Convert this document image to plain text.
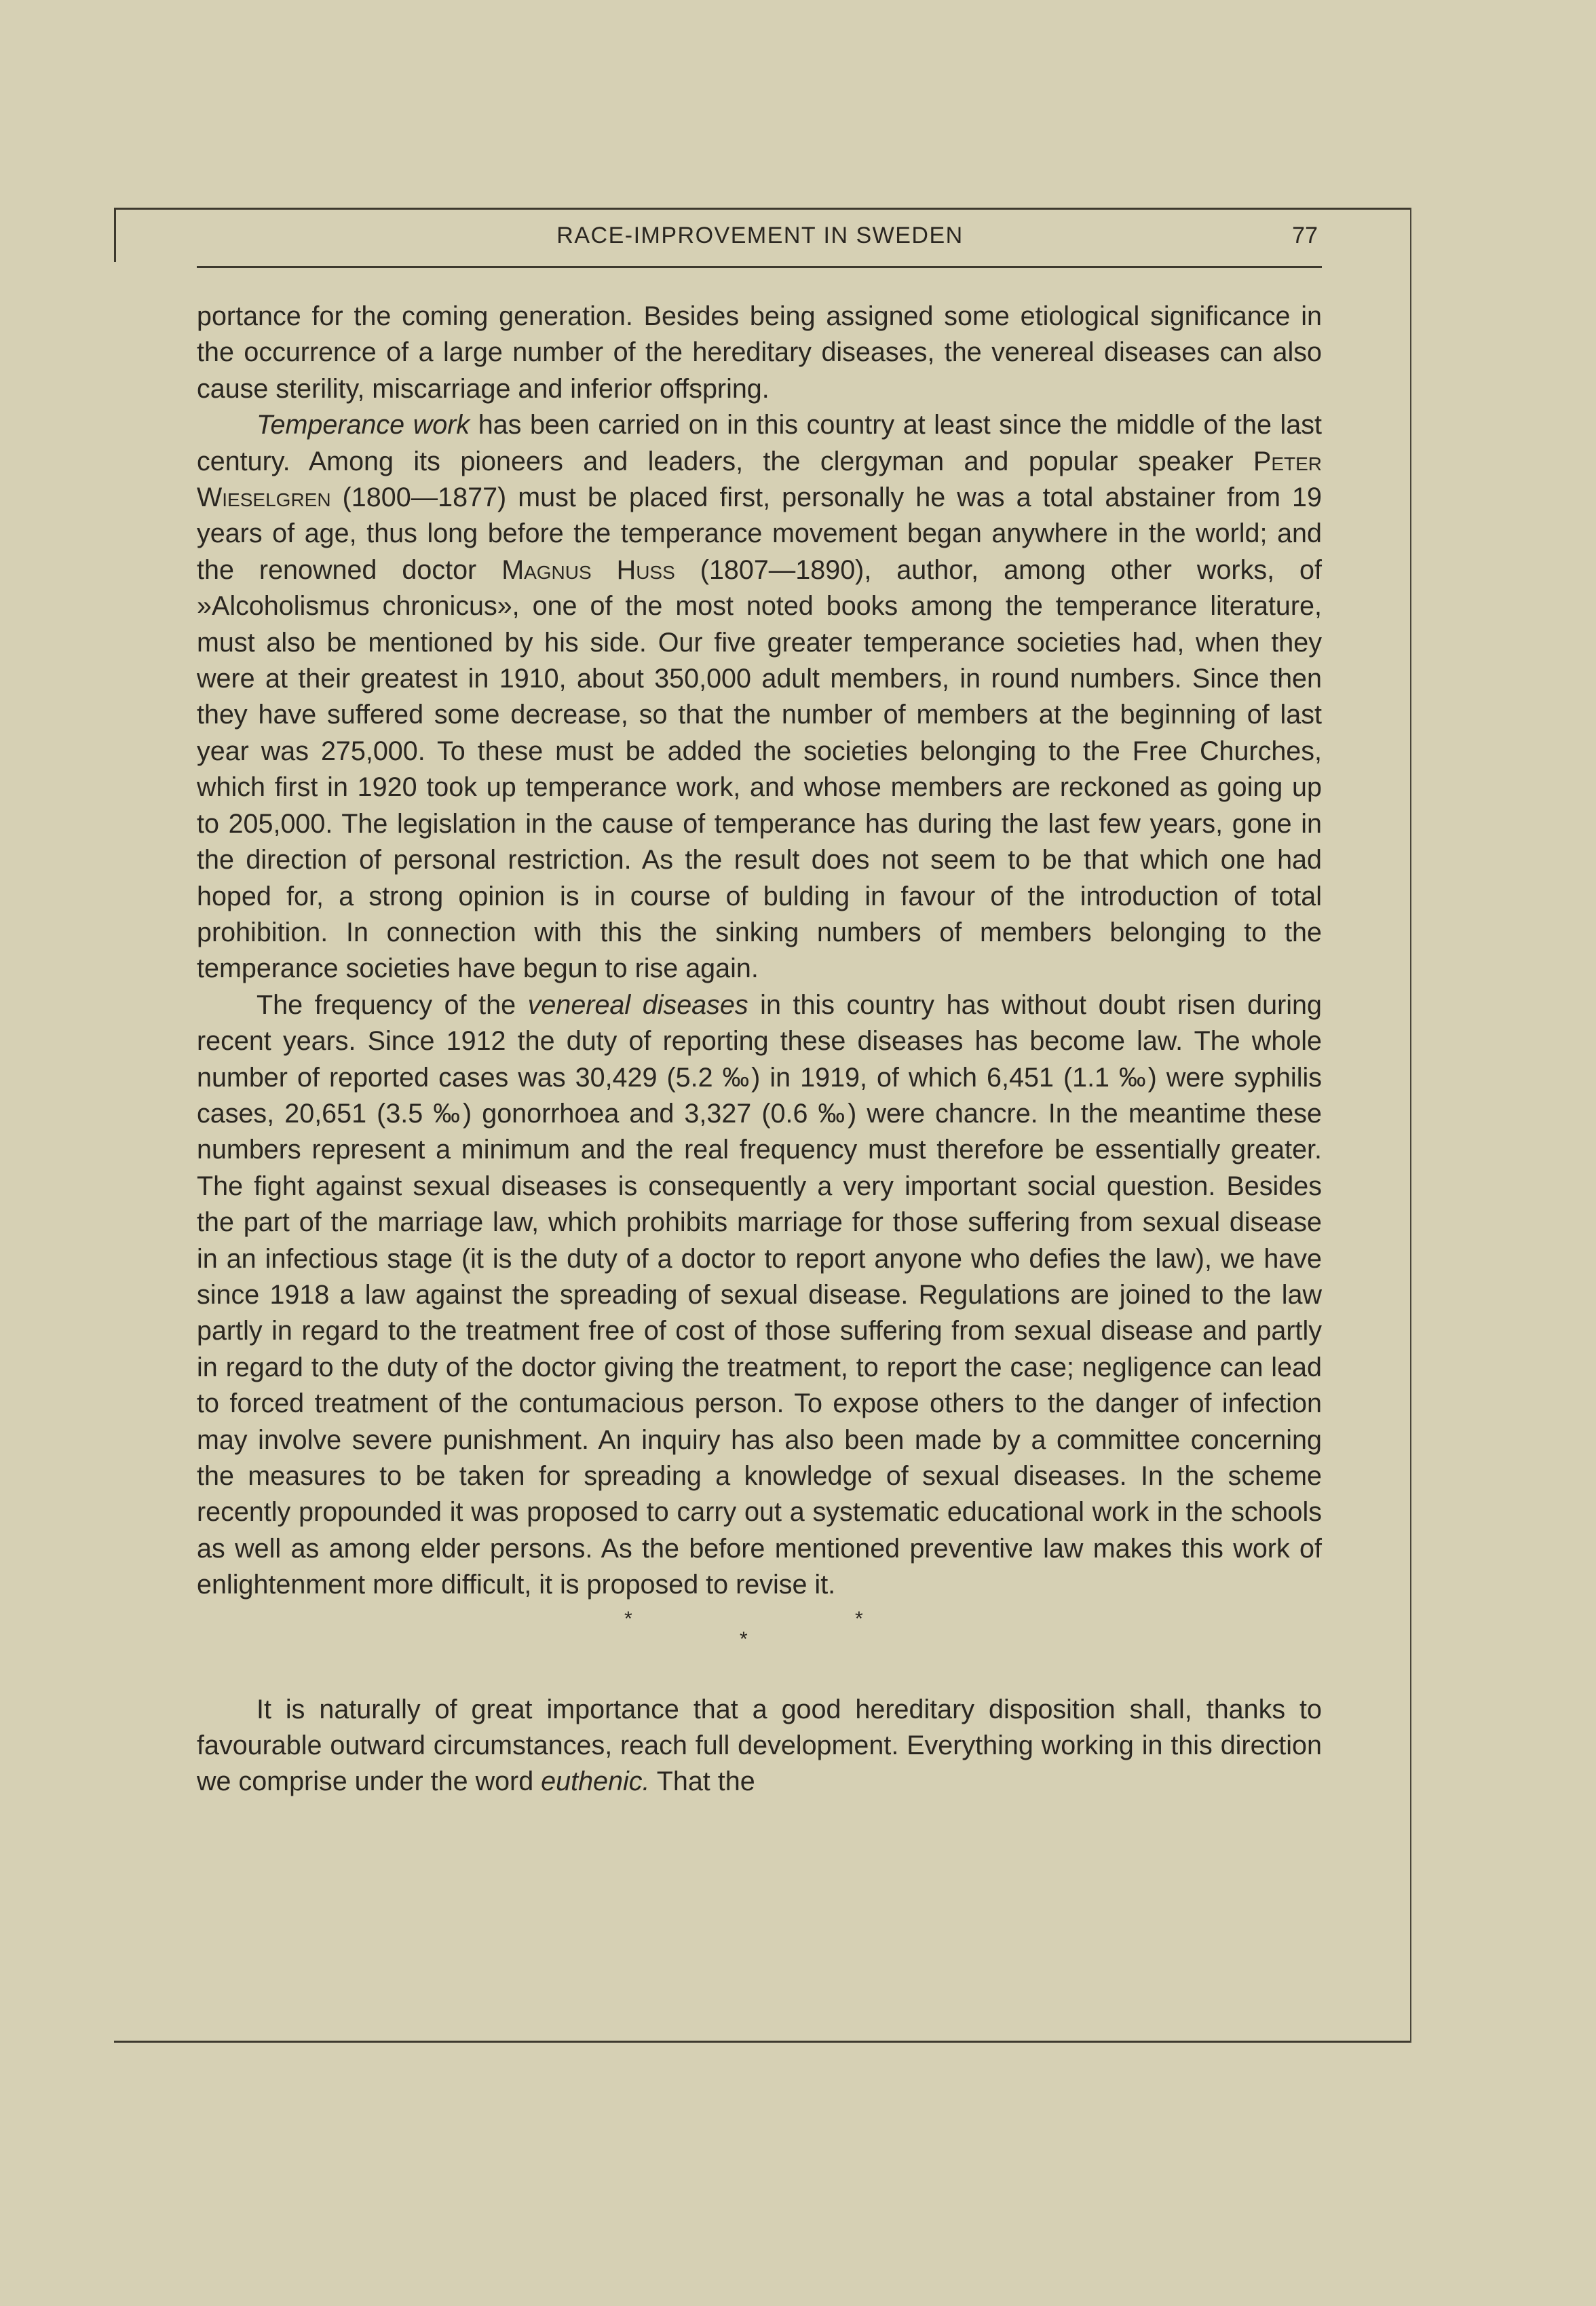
RACE-IMPROVEMENT IN SWEDEN	77

portance for the coming generation. Besides being assigned some etiological significance in the occurrence of a large number of the hereditary diseases, the venereal diseases can also cause sterility, miscarriage and inferior offspring.

Temperance work has been carried on in this country at least since the middle of the last century. Among its pioneers and leaders, the clergyman and popular speaker Peter Wieselgren (1800—1877) must be placed first, personally he was a total abstainer from 19 years of age, thus long before the temperance movement began anywhere in the world; and the renowned doctor Magnus Huss (1807—1890), author, among other works, of »Alcoholismus chronicus», one of the most noted books among the temperance literature, must also be mentioned by his side. Our five greater temperance societies had, when they were at their greatest in 1910, about 350,000 adult members, in round numbers. Since then they have suffered some decrease, so that the number of members at the beginning of last year was 275,000. To these must be added the societies belonging to the Free Churches, which first in 1920 took up temperance work, and whose members are reckoned as going up to 205,000. The legislation in the cause of temperance has during the last few years, gone in the direction of personal restriction. As the result does not seem to be that which one had hoped for, a strong opinion is in course of bulding in favour of the introduction of total prohibition. In connection with this the sinking numbers of members belonging to the temperance societies have begun to rise again.

The frequency of the venereal diseases in this country has without doubt risen during recent years. Since 1912 the duty of reporting these diseases has become law. The whole number of reported cases was 30,429 (5.2 ‰) in 1919, of which 6,451 (1.1 ‰) were syphilis cases, 20,651 (3.5 ‰) gonorrhoea and 3,327 (0.6 ‰) were chancre. In the meantime these numbers represent a minimum and the real frequency must therefore be essentially greater. The fight against sexual diseases is consequently a very important social question. Besides the part of the marriage law, which prohibits marriage for those suffering from sexual disease in an infectious stage (it is the duty of a doctor to report anyone who defies the law), we have since 1918 a law against the spreading of sexual disease. Regulations are joined to the law partly in regard to the treatment free of cost of those suffering from sexual disease and partly in regard to the duty of the doctor giving the treatment, to report the case; negligence can lead to forced treatment of the contumacious person. To expose others to the danger of infection may involve severe punishment. An inquiry has also been made by a committee concerning the measures to be taken for spreading a knowledge of sexual diseases. In the scheme recently propounded it was proposed to carry out a systematic educational work in the schools as well as among elder persons. As the before mentioned preventive law makes this work of enlightenment more difficult, it is proposed to revise it.

*	*
*

It is naturally of great importance that a good hereditary disposition shall, thanks to favourable outward circumstances, reach full development. Everything working in this direction we comprise under the word euthenic. That the
